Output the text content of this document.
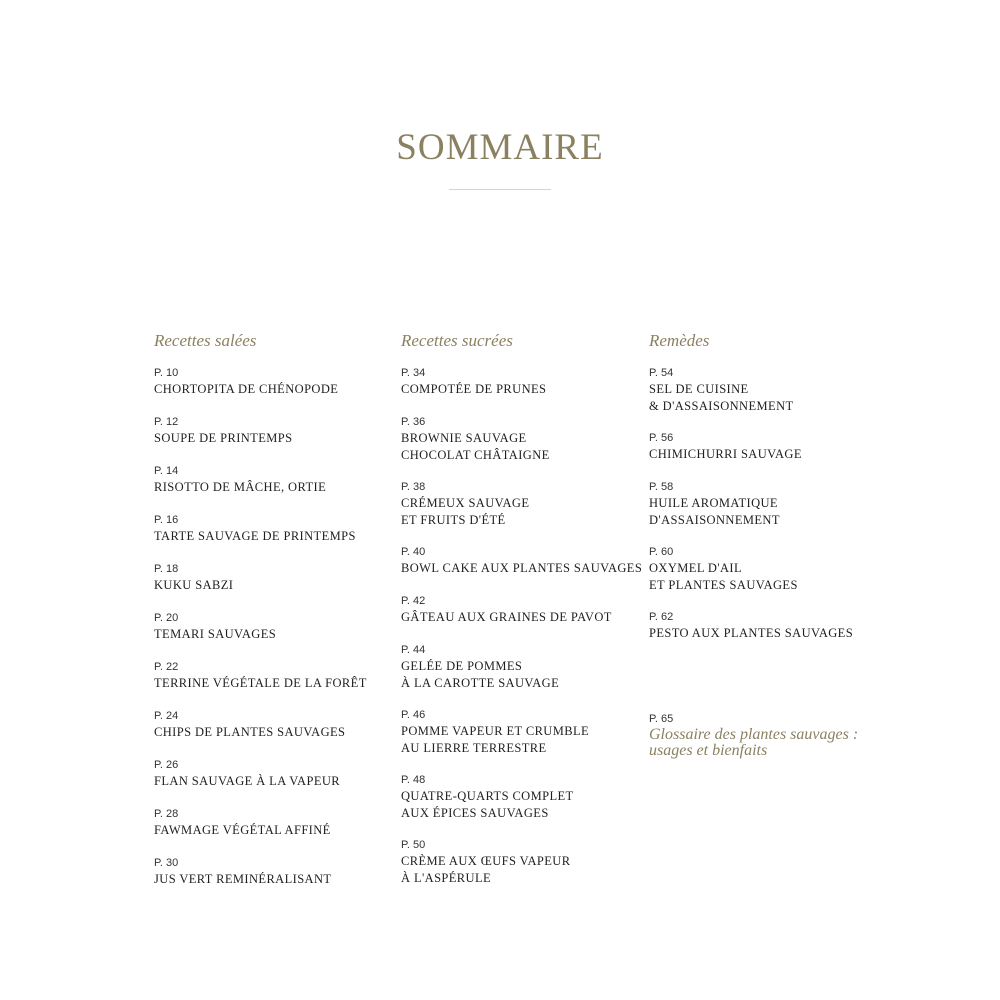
SOMMAIRE
Recettes salées
P. 10
CHORTOPITA DE CHÉNOPODE
P. 12
SOUPE DE PRINTEMPS
P. 14
RISOTTO DE MÂCHE, ORTIE
P. 16
TARTE SAUVAGE DE PRINTEMPS
P. 18
KUKU SABZI
P. 20
TEMARI SAUVAGES
P. 22
TERRINE VÉGÉTALE DE LA FORÊT
P. 24
CHIPS DE PLANTES SAUVAGES
P. 26
FLAN SAUVAGE À LA VAPEUR
P. 28
FAWMAGE VÉGÉTAL AFFINÉ
P. 30
JUS VERT REMINÉRALISANT
Recettes sucrées
P. 34
COMPOTÉE DE PRUNES
P. 36
BROWNIE SAUVAGE
CHOCOLAT CHÂTAIGNE
P. 38
CRÉMEUX SAUVAGE
ET FRUITS D'ÉTÉ
P. 40
BOWL CAKE AUX PLANTES SAUVAGES
P. 42
GÂTEAU AUX GRAINES DE PAVOT
P. 44
GELÉE DE POMMES
À LA CAROTTE SAUVAGE
P. 46
POMME VAPEUR ET CRUMBLE
AU LIERRE TERRESTRE
P. 48
QUATRE-QUARTS COMPLET
AUX ÉPICES SAUVAGES
P. 50
CRÈME AUX ŒUFS VAPEUR
À L'ASPÉRULE
Remèdes
P. 54
SEL DE CUISINE
& D'ASSAISONNEMENT
P. 56
CHIMICHURRI SAUVAGE
P. 58
HUILE AROMATIQUE
D'ASSAISONNEMENT
P. 60
OXYMEL D'AIL
ET PLANTES SAUVAGES
P. 62
PESTO AUX PLANTES SAUVAGES
P. 65
Glossaire des plantes sauvages :
usages et bienfaits
